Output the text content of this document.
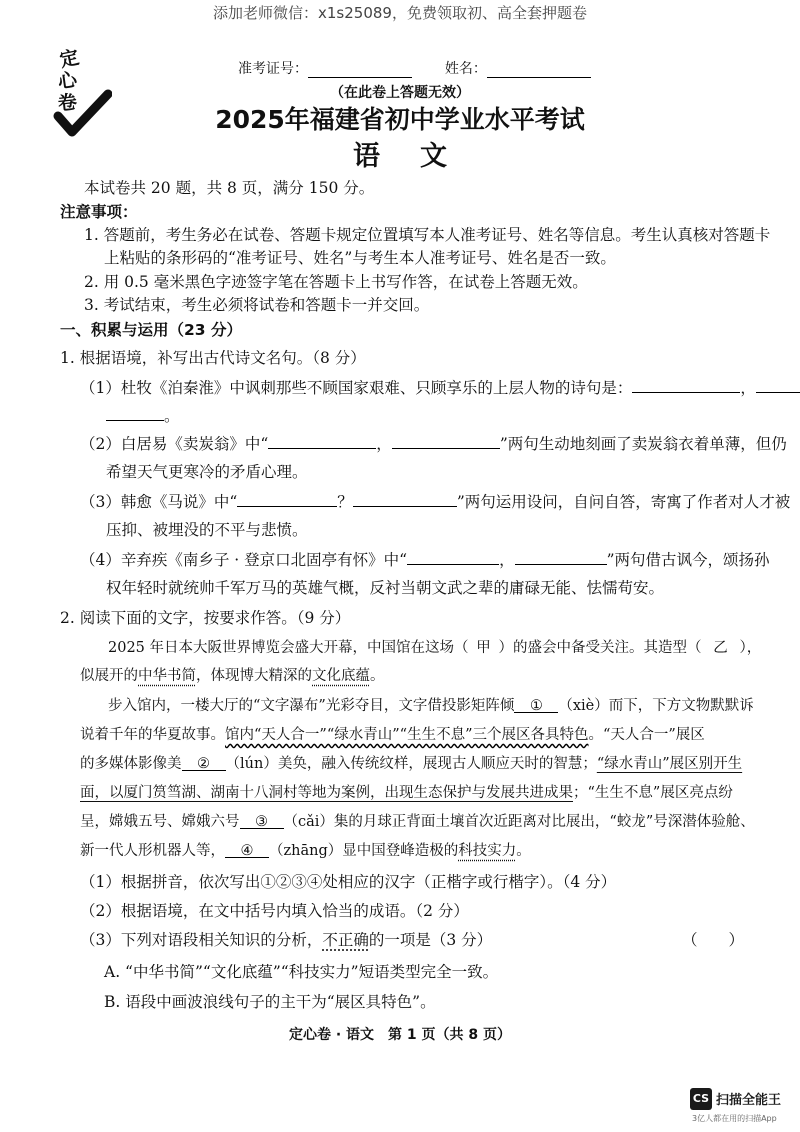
添加老师微信：x1s25089，免费领取初、高全套押题卷
定
心
卷
准考证号：	姓名：
（在此卷上答题无效）
2025年福建省初中学业水平考试
语文
本试卷共 20 题，共 8 页，满分 150 分。
注意事项：
1. 答题前，考生务必在试卷、答题卡规定位置填写本人准考证号、姓名等信息。考生认真核对答题卡
上粘贴的条形码的“准考证号、姓名”与考生本人准考证号、姓名是否一致。
2. 用 0.5 毫米黑色字迹签字笔在答题卡上书写作答，在试卷上答题无效。
3. 考试结束，考生必须将试卷和答题卡一并交回。
一、积累与运用（23 分）
1. 根据语境，补写出古代诗文名句。（8 分）
（1）杜牧《泊秦淮》中讽刺那些不顾国家艰难、只顾享乐的上层人物的诗句是：	，
。
（2）白居易《卖炭翁》中“	，	”两句生动地刻画了卖炭翁衣着单薄，但仍
希望天气更寒冷的矛盾心理。
（3）韩愈《马说》中“	？	”两句运用设问，自问自答，寄寓了作者对人才被
压抑、被埋没的不平与悲愤。
（4）辛弃疾《南乡子 · 登京口北固亭有怀》中“	，	”两句借古讽今，颂扬孙
权年轻时就统帅千军万马的英雄气概，反衬当朝文武之辈的庸碌无能、怯懦苟安。
2. 阅读下面的文字，按要求作答。（9 分）
2025 年日本大阪世界博览会盛大开幕，中国馆在这场（ 甲 ）的盛会中备受关注。其造型（ 乙 ），
似展开的中华书简，体现博大精深的文化底蕴。
步入馆内，一楼大厅的“文字瀑布”光彩夺目，文字借投影矩阵倾 ① （xiè）而下，下方文物默默诉
说着千年的华夏故事。馆内“天人合一”“绿水青山”“生生不息”三个展区各具特色。“天人合一”展区
的多媒体影像美 ② （lún）美奂，融入传统纹样，展现古人顺应天时的智慧；“绿水青山”展区别开生
面，以厦门筼筜湖、湖南十八洞村等地为案例，出现生态保护与发展共进成果；“生生不息”展区亮点纷
呈，嫦娥五号、嫦娥六号 ③ （cǎi）集的月球正背面土壤首次近距离对比展出，“蛟龙”号深潜体验舱、
新一代人形机器人等， ④ （zhāng）显中国登峰造极的科技实力。
（1）根据拼音，依次写出①②③④处相应的汉字（正楷字或行楷字）。（4 分）
（2）根据语境，在文中括号内填入恰当的成语。（2 分）
（3）下列对语段相关知识的分析，不正确的一项是（3 分）	（　　）
A. “中华书简”“文化底蕴”“科技实力”短语类型完全一致。
B. 语段中画波浪线句子的主干为“展区具特色”。
定心卷 · 语文　第 1 页（共 8 页）
CS 扫描全能王
3亿人都在用的扫描App
